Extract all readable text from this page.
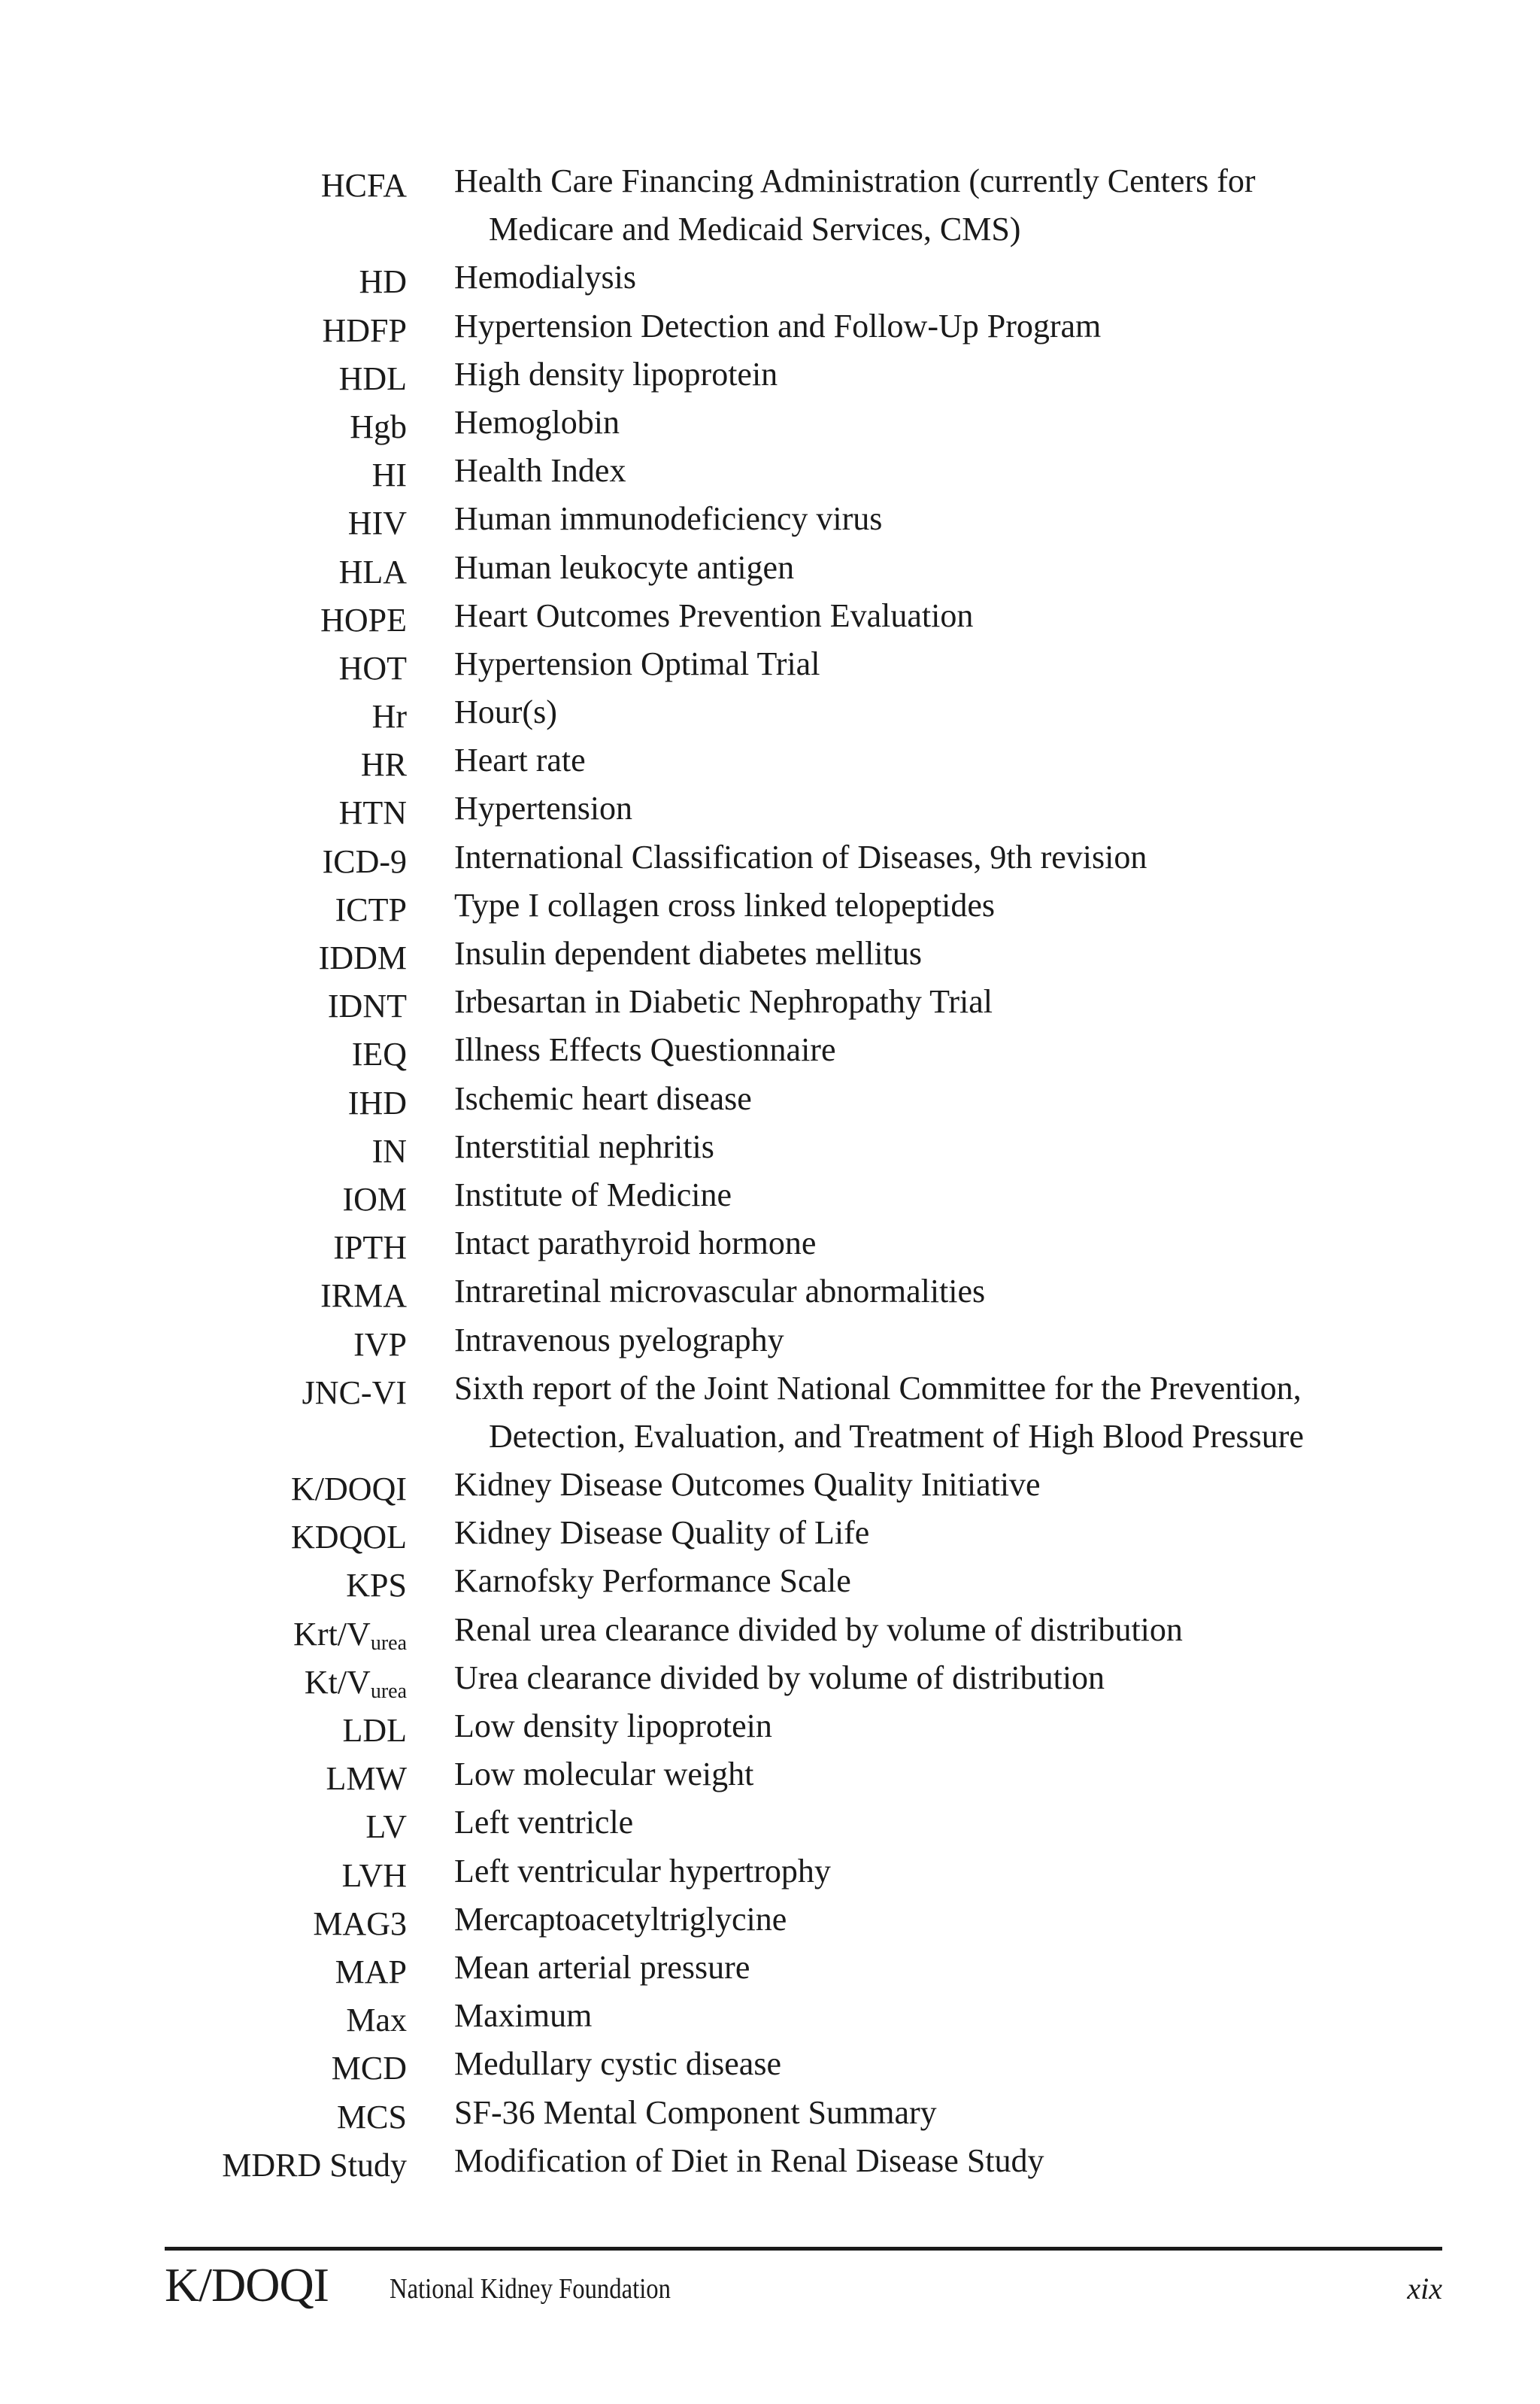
HCFA Health Care Financing Administration (currently Centers for
Medicare and Medicaid Services, CMS)
HD Hemodialysis
HDFP Hypertension Detection and Follow-Up Program
HDL High density lipoprotein
Hgb Hemoglobin
HI Health Index
HIV Human immunodeficiency virus
HLA Human leukocyte antigen
HOPE Heart Outcomes Prevention Evaluation
HOT Hypertension Optimal Trial
Hr Hour(s)
HR Heart rate
HTN Hypertension
ICD-9 International Classification of Diseases, 9th revision
ICTP Type I collagen cross linked telopeptides
IDDM Insulin dependent diabetes mellitus
IDNT Irbesartan in Diabetic Nephropathy Trial
IEQ Illness Effects Questionnaire
IHD Ischemic heart disease
IN Interstitial nephritis
IOM Institute of Medicine
IPTH Intact parathyroid hormone
IRMA Intraretinal microvascular abnormalities
IVP Intravenous pyelography
JNC-VI Sixth report of the Joint National Committee for the Prevention,
Detection, Evaluation, and Treatment of High Blood Pressure
K/DOQI Kidney Disease Outcomes Quality Initiative
KDQOL Kidney Disease Quality of Life
KPS Karnofsky Performance Scale
Krt/$V_{urea}$ Renal urea clearance divided by volume of distribution
$Kt/V_{urea}$ Urea clearance divided by volume of distribution
LDL Low density lipoprotein
LMW Low molecular weight
LV Left ventricle
LVH Left ventricular hypertrophy
MAG3 Mercaptoacetyltriglycine
MAP Mean arterial pressure
Max Maximum
MCD Medullary cystic disease
MCS SF-36 Mental Component Summary
MDRD Study Modification of Diet in Renal Disease Study
K/DOQI National Kidney Foundation	xix
